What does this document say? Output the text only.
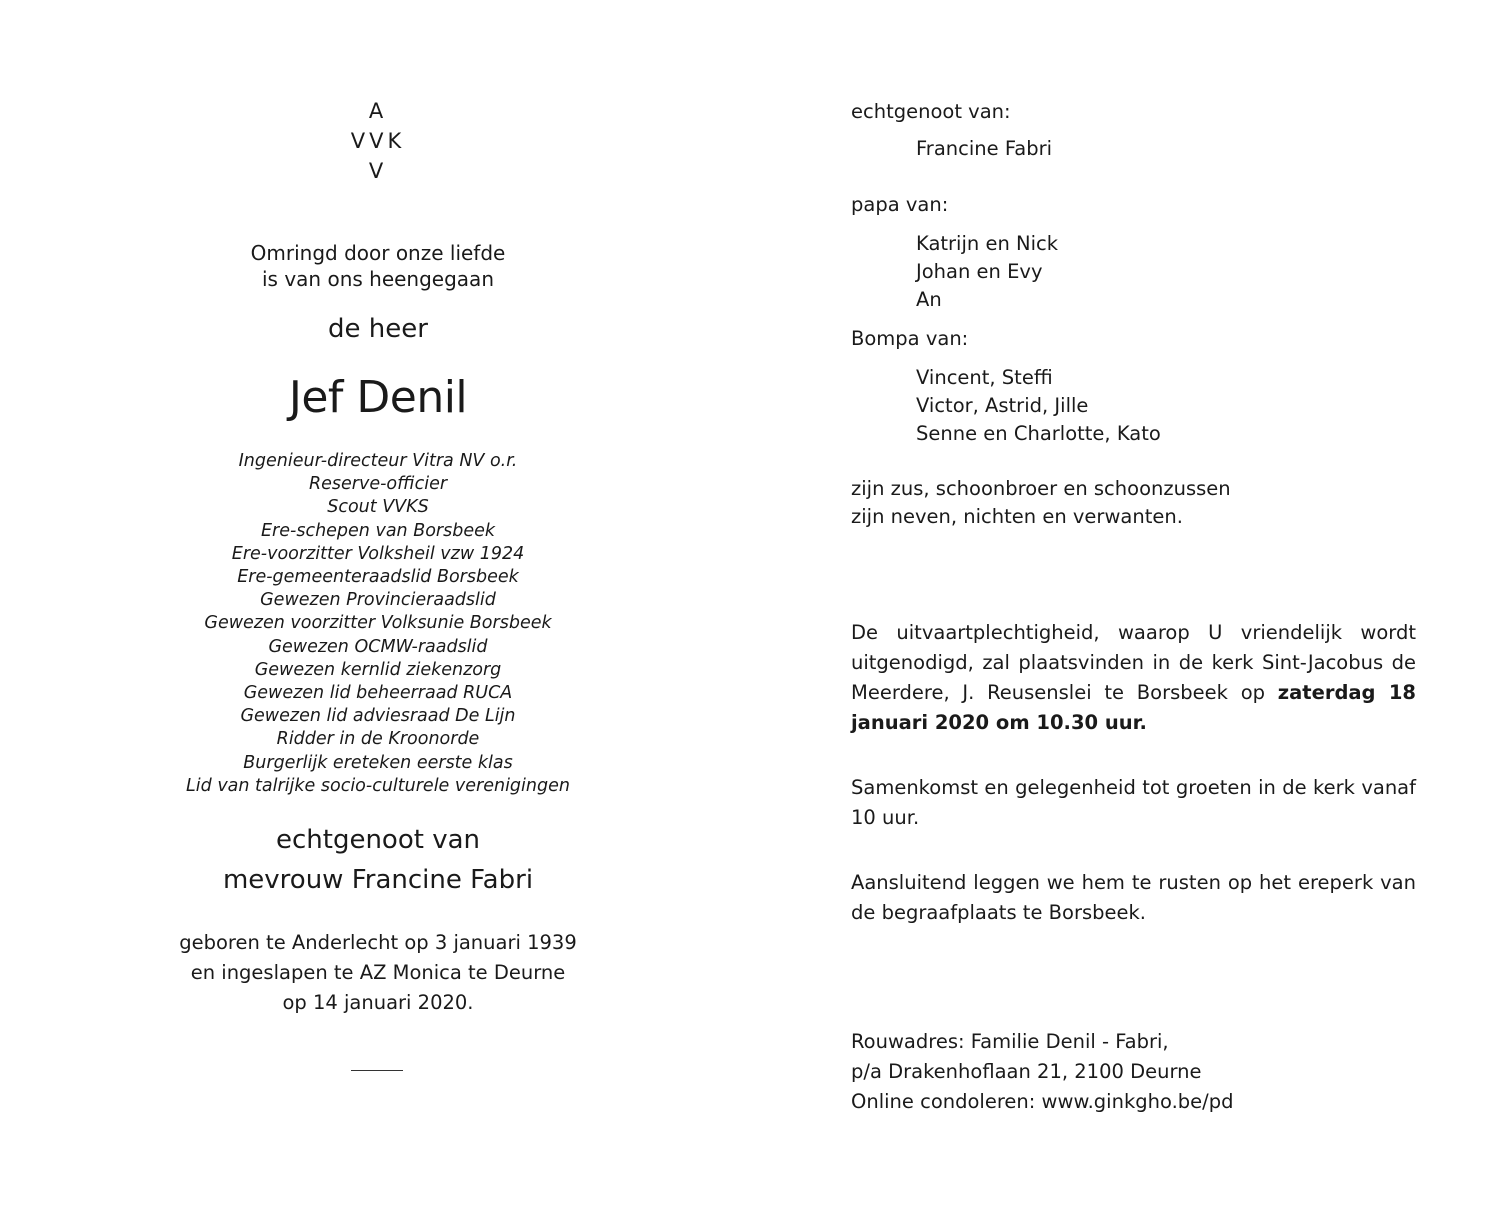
A
VVK
V
Omringd door onze liefde
is van ons heengegaan
de heer
Jef Denil
Ingenieur-directeur Vitra NV o.r.
Reserve-officier
Scout VVKS
Ere-schepen van Borsbeek
Ere-voorzitter Volksheil vzw 1924
Ere-gemeenteraadslid Borsbeek
Gewezen Provincieraadslid
Gewezen voorzitter Volksunie Borsbeek
Gewezen OCMW-raadslid
Gewezen kernlid ziekenzorg
Gewezen lid beheerraad RUCA
Gewezen lid adviesraad De Lijn
Ridder in de Kroonorde
Burgerlijk ereteken eerste klas
Lid van talrijke socio-culturele verenigingen
echtgenoot van
mevrouw Francine Fabri
geboren te Anderlecht op 3 januari 1939
en ingeslapen te AZ Monica te Deurne
op 14 januari 2020.
echtgenoot van:
Francine Fabri
papa van:
Katrijn en Nick
Johan en Evy
An
Bompa van:
Vincent, Steffi
Victor, Astrid, Jille
Senne en Charlotte, Kato
zijn zus, schoonbroer en schoonzussen
zijn neven, nichten en verwanten.
De uitvaartplechtigheid, waarop U vriendelijk wordt uitgenodigd, zal plaatsvinden in de kerk Sint-Jacobus de Meerdere, J. Reusenslei te Borsbeek op zaterdag 18 januari 2020 om 10.30 uur.
Samenkomst en gelegenheid tot groeten in de kerk vanaf 10 uur.
Aansluitend leggen we hem te rusten op het ereperk van de begraafplaats te Borsbeek.
Rouwadres: Familie Denil - Fabri,
p/a Drakenhoflaan 21, 2100 Deurne
Online condoleren: www.ginkgho.be/pd
